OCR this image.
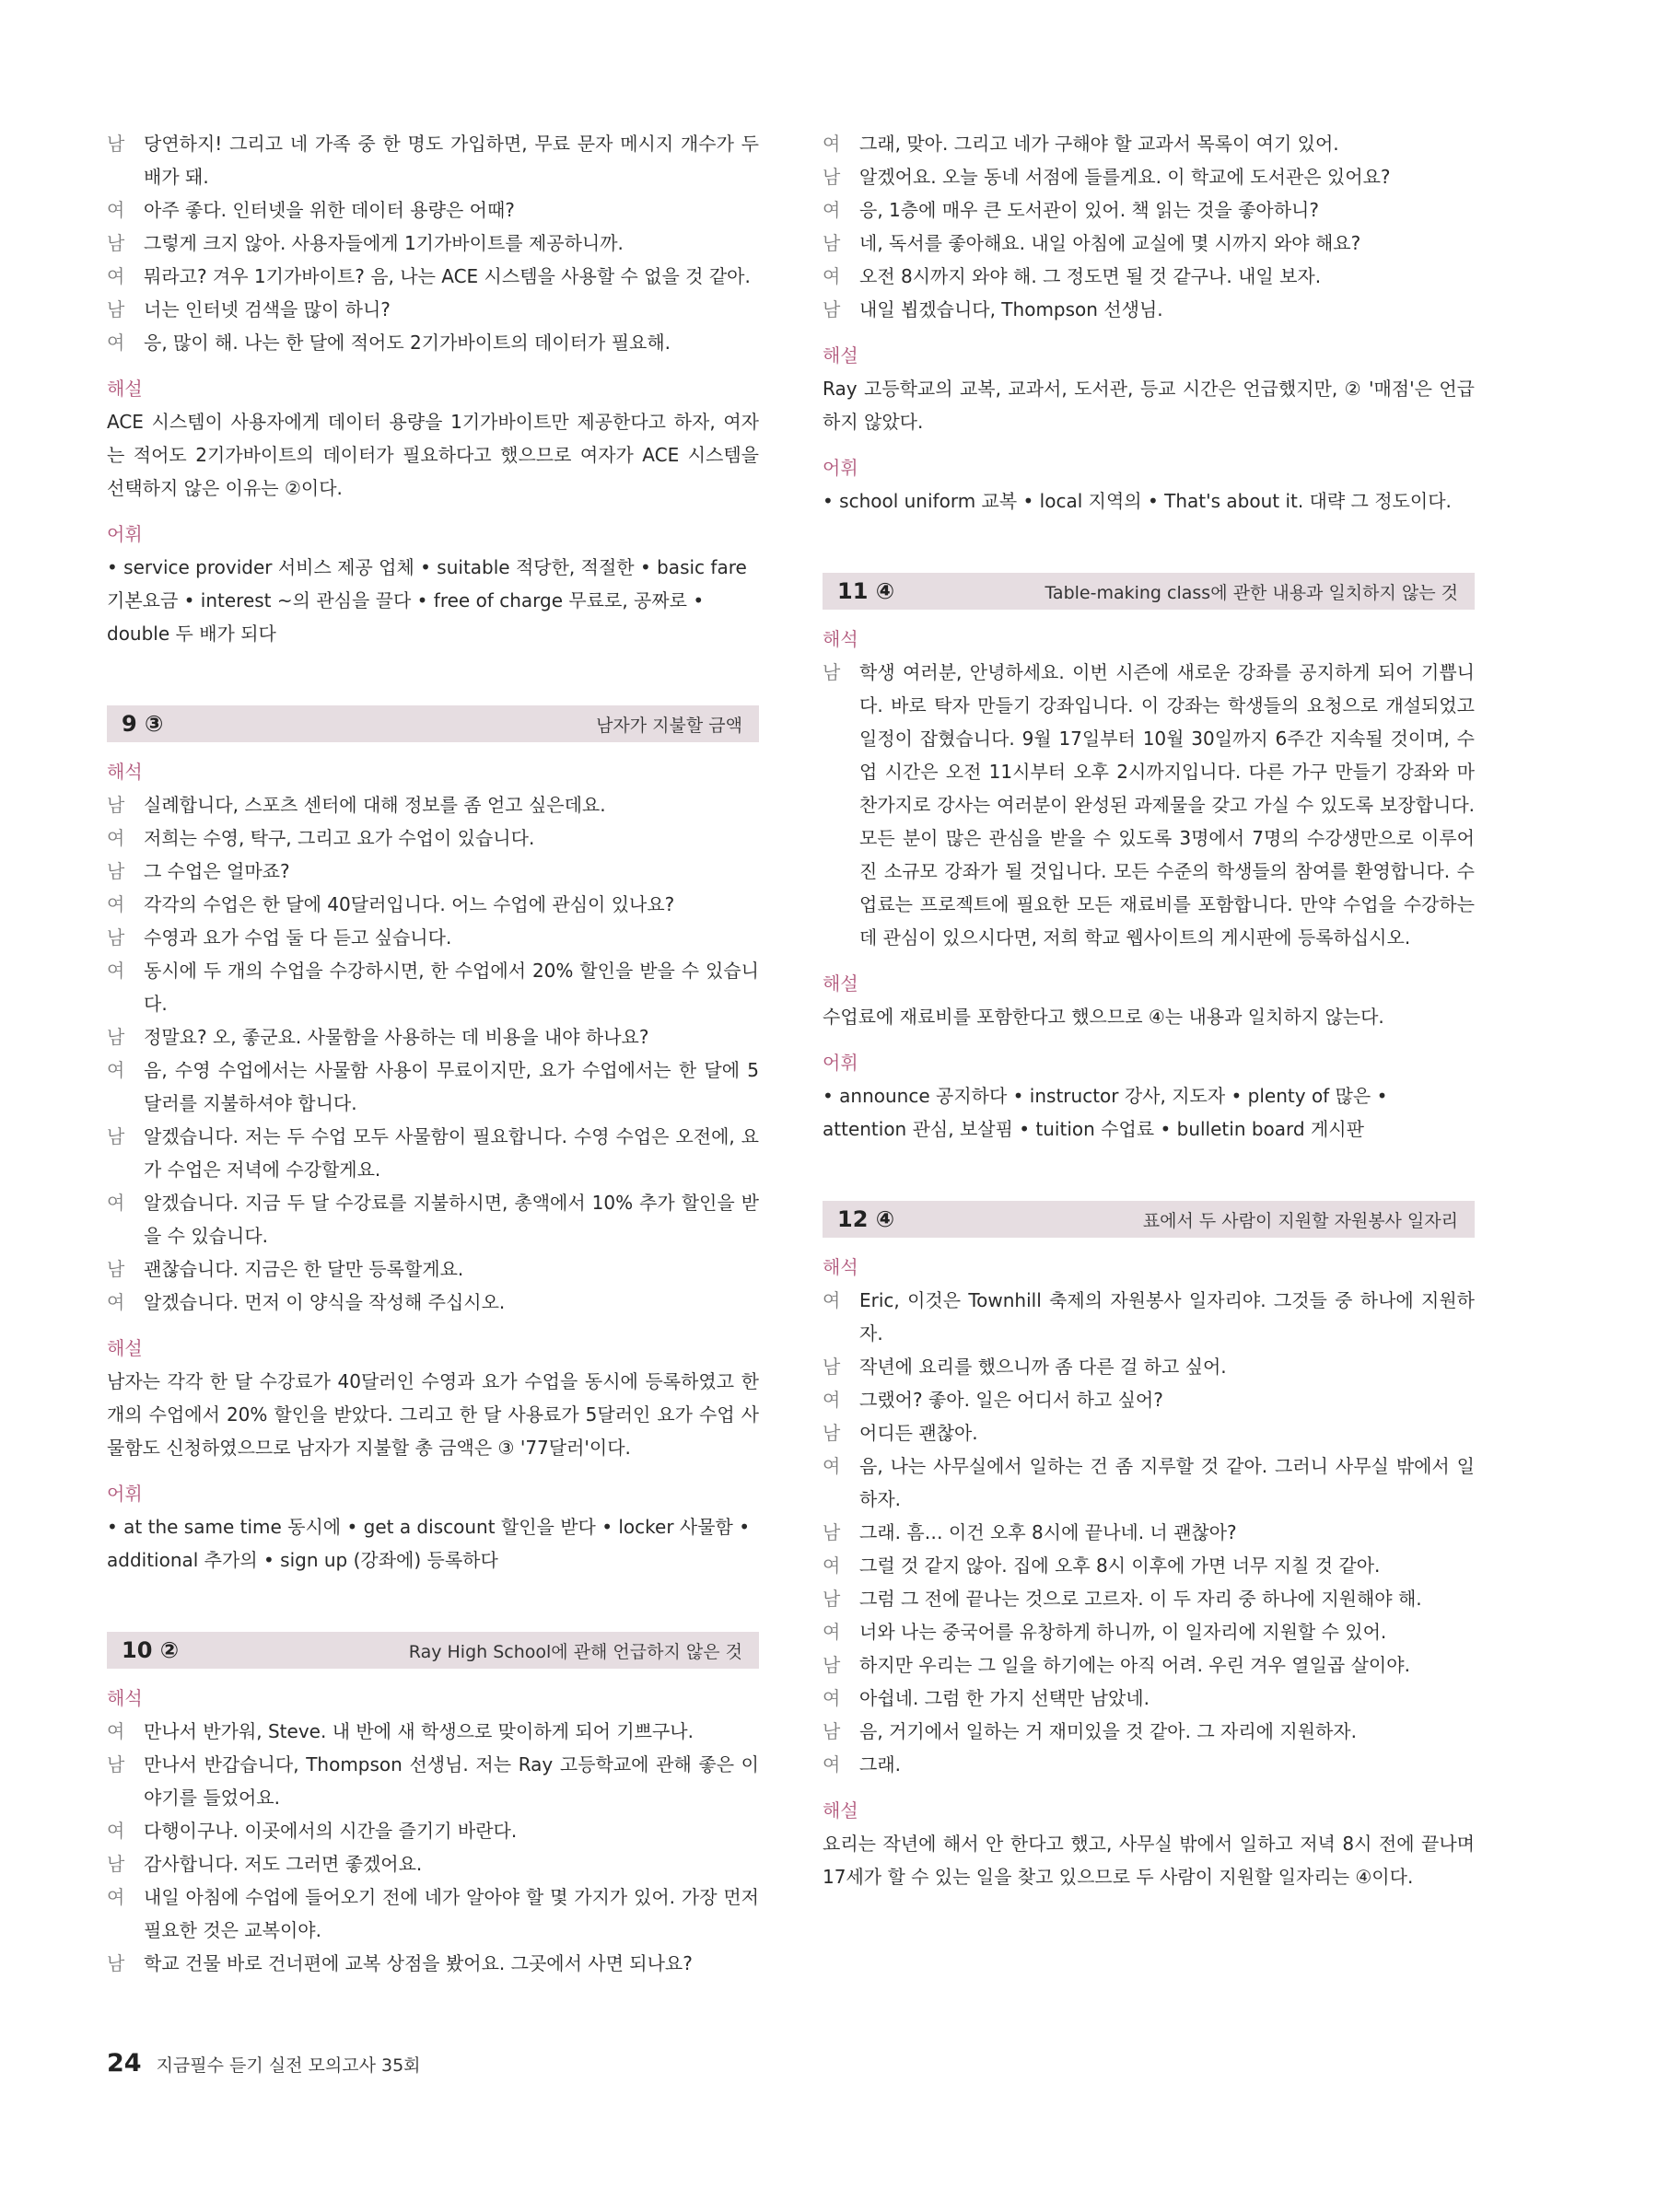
남	당연하지! 그리고 네 가족 중 한 명도 가입하면, 무료 문자 메시지 개수가 두 배가 돼.
여	아주 좋다. 인터넷을 위한 데이터 용량은 어때?
남	그렇게 크지 않아. 사용자들에게 1기가바이트를 제공하니까.
여	뭐라고? 겨우 1기가바이트? 음, 나는 ACE 시스템을 사용할 수 없을 것 같아.
남	너는 인터넷 검색을 많이 하니?
여	응, 많이 해. 나는 한 달에 적어도 2기가바이트의 데이터가 필요해.
해설
ACE 시스템이 사용자에게 데이터 용량을 1기가바이트만 제공한다고 하자, 여자는 적어도 2기가바이트의 데이터가 필요하다고 했으므로 여자가 ACE 시스템을 선택하지 않은 이유는 ②이다.
어휘
• service provider 서비스 제공 업체 • suitable 적당한, 적절한 • basic fare 기본요금 • interest ~의 관심을 끌다 • free of charge 무료로, 공짜로 • double 두 배가 되다
9 ③	남자가 지불할 금액
해석
남	실례합니다, 스포츠 센터에 대해 정보를 좀 얻고 싶은데요.
여	저희는 수영, 탁구, 그리고 요가 수업이 있습니다.
남	그 수업은 얼마죠?
여	각각의 수업은 한 달에 40달러입니다. 어느 수업에 관심이 있나요?
남	수영과 요가 수업 둘 다 듣고 싶습니다.
여	동시에 두 개의 수업을 수강하시면, 한 수업에서 20% 할인을 받을 수 있습니다.
남	정말요? 오, 좋군요. 사물함을 사용하는 데 비용을 내야 하나요?
여	음, 수영 수업에서는 사물함 사용이 무료이지만, 요가 수업에서는 한 달에 5달러를 지불하셔야 합니다.
남	알겠습니다. 저는 두 수업 모두 사물함이 필요합니다. 수영 수업은 오전에, 요가 수업은 저녁에 수강할게요.
여	알겠습니다. 지금 두 달 수강료를 지불하시면, 총액에서 10% 추가 할인을 받을 수 있습니다.
남	괜찮습니다. 지금은 한 달만 등록할게요.
여	알겠습니다. 먼저 이 양식을 작성해 주십시오.
해설
남자는 각각 한 달 수강료가 40달러인 수영과 요가 수업을 동시에 등록하였고 한 개의 수업에서 20% 할인을 받았다. 그리고 한 달 사용료가 5달러인 요가 수업 사물함도 신청하였으므로 남자가 지불할 총 금액은 ③ '77달러'이다.
어휘
• at the same time 동시에 • get a discount 할인을 받다 • locker 사물함 • additional 추가의 • sign up (강좌에) 등록하다
10 ②	Ray High School에 관해 언급하지 않은 것
해석
여	만나서 반가워, Steve. 내 반에 새 학생으로 맞이하게 되어 기쁘구나.
남	만나서 반갑습니다, Thompson 선생님. 저는 Ray 고등학교에 관해 좋은 이야기를 들었어요.
여	다행이구나. 이곳에서의 시간을 즐기기 바란다.
남	감사합니다. 저도 그러면 좋겠어요.
여	내일 아침에 수업에 들어오기 전에 네가 알아야 할 몇 가지가 있어. 가장 먼저 필요한 것은 교복이야.
남	학교 건물 바로 건너편에 교복 상점을 봤어요. 그곳에서 사면 되나요?
여	그래, 맞아. 그리고 네가 구해야 할 교과서 목록이 여기 있어.
남	알겠어요. 오늘 동네 서점에 들를게요. 이 학교에 도서관은 있어요?
여	응, 1층에 매우 큰 도서관이 있어. 책 읽는 것을 좋아하니?
남	네, 독서를 좋아해요. 내일 아침에 교실에 몇 시까지 와야 해요?
여	오전 8시까지 와야 해. 그 정도면 될 것 같구나. 내일 보자.
남	내일 뵙겠습니다, Thompson 선생님.
해설
Ray 고등학교의 교복, 교과서, 도서관, 등교 시간은 언급했지만, ② '매점'은 언급하지 않았다.
어휘
• school uniform 교복 • local 지역의 • That's about it. 대략 그 정도이다.
11 ④	Table-making class에 관한 내용과 일치하지 않는 것
해석
남	학생 여러분, 안녕하세요. 이번 시즌에 새로운 강좌를 공지하게 되어 기쁩니다. 바로 탁자 만들기 강좌입니다. 이 강좌는 학생들의 요청으로 개설되었고 일정이 잡혔습니다. 9월 17일부터 10월 30일까지 6주간 지속될 것이며, 수업 시간은 오전 11시부터 오후 2시까지입니다. 다른 가구 만들기 강좌와 마찬가지로 강사는 여러분이 완성된 과제물을 갖고 가실 수 있도록 보장합니다. 모든 분이 많은 관심을 받을 수 있도록 3명에서 7명의 수강생만으로 이루어진 소규모 강좌가 될 것입니다. 모든 수준의 학생들의 참여를 환영합니다. 수업료는 프로젝트에 필요한 모든 재료비를 포함합니다. 만약 수업을 수강하는 데 관심이 있으시다면, 저희 학교 웹사이트의 게시판에 등록하십시오.
해설
수업료에 재료비를 포함한다고 했으므로 ④는 내용과 일치하지 않는다.
어휘
• announce 공지하다 • instructor 강사, 지도자 • plenty of 많은 • attention 관심, 보살핌 • tuition 수업료 • bulletin board 게시판
12 ④	표에서 두 사람이 지원할 자원봉사 일자리
해석
여	Eric, 이것은 Townhill 축제의 자원봉사 일자리야. 그것들 중 하나에 지원하자.
남	작년에 요리를 했으니까 좀 다른 걸 하고 싶어.
여	그랬어? 좋아. 일은 어디서 하고 싶어?
남	어디든 괜찮아.
여	음, 나는 사무실에서 일하는 건 좀 지루할 것 같아. 그러니 사무실 밖에서 일하자.
남	그래. 흠… 이건 오후 8시에 끝나네. 너 괜찮아?
여	그럴 것 같지 않아. 집에 오후 8시 이후에 가면 너무 지칠 것 같아.
남	그럼 그 전에 끝나는 것으로 고르자. 이 두 자리 중 하나에 지원해야 해.
여	너와 나는 중국어를 유창하게 하니까, 이 일자리에 지원할 수 있어.
남	하지만 우리는 그 일을 하기에는 아직 어려. 우린 겨우 열일곱 살이야.
여	아쉽네. 그럼 한 가지 선택만 남았네.
남	음, 거기에서 일하는 거 재미있을 것 같아. 그 자리에 지원하자.
여	그래.
해설
요리는 작년에 해서 안 한다고 했고, 사무실 밖에서 일하고 저녁 8시 전에 끝나며 17세가 할 수 있는 일을 찾고 있으므로 두 사람이 지원할 일자리는 ④이다.
24 지금필수 듣기 실전 모의고사 35회
